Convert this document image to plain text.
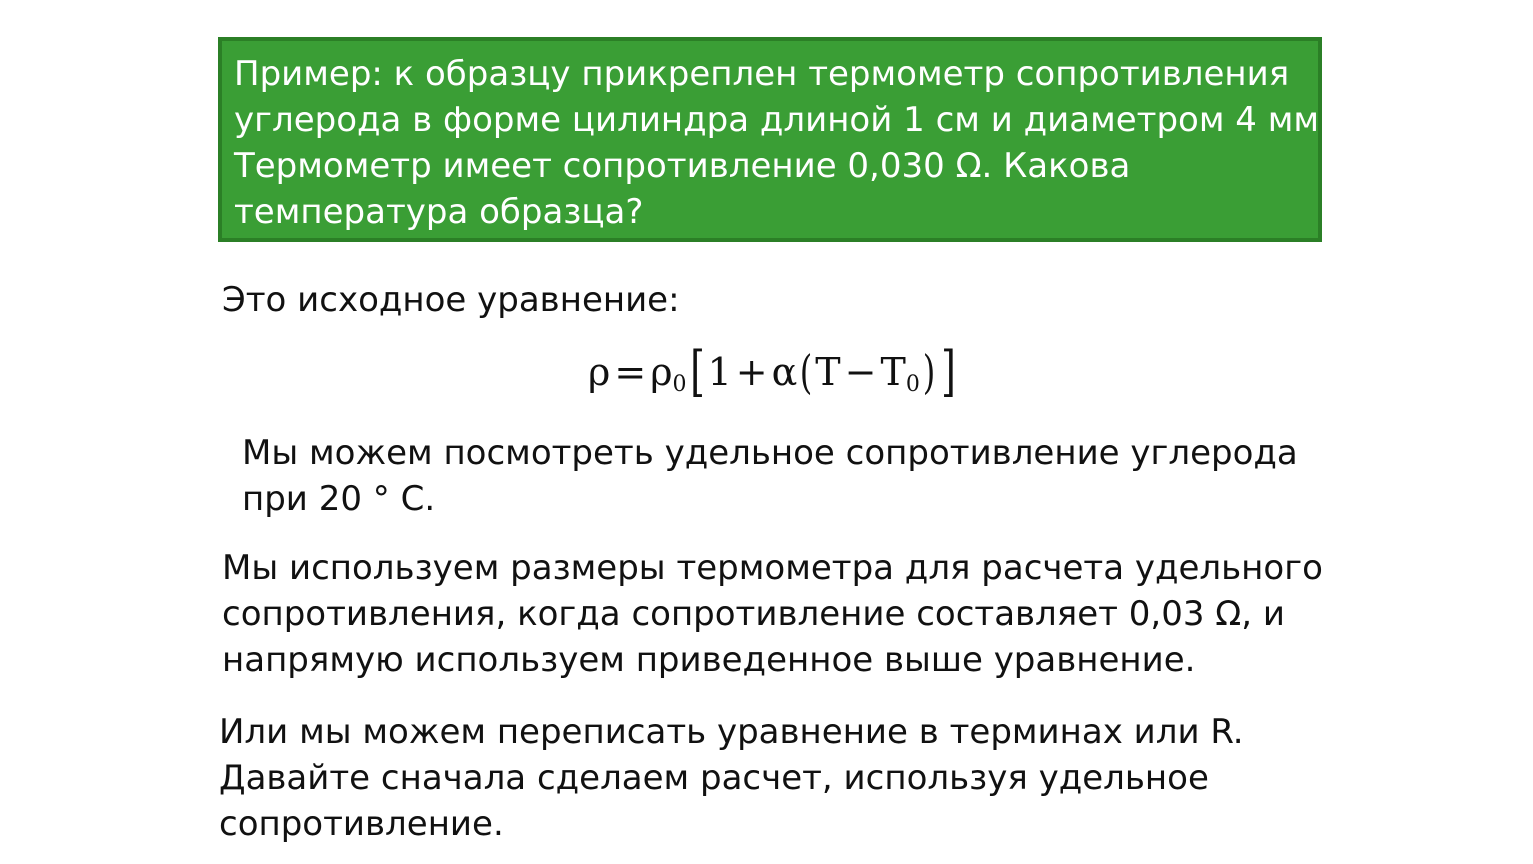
Пример: к образцу прикреплен термометр сопротивления
углерода в форме цилиндра длиной 1 см и диаметром 4 мм.
Термометр имеет сопротивление 0,030 Ω. Какова
температура образца?
Это исходное уравнение:
ρ = ρ 0 [ 1 + α ( T − T 0 ) ]
Мы можем посмотреть удельное сопротивление углерода
при 20 ° С.
Мы используем размеры термометра для расчета удельного
сопротивления, когда сопротивление составляет 0,03 Ω, и
напрямую используем приведенное выше уравнение.
Или мы можем переписать уравнение в терминах или R.
Давайте сначала сделаем расчет, используя удельное
сопротивление.
